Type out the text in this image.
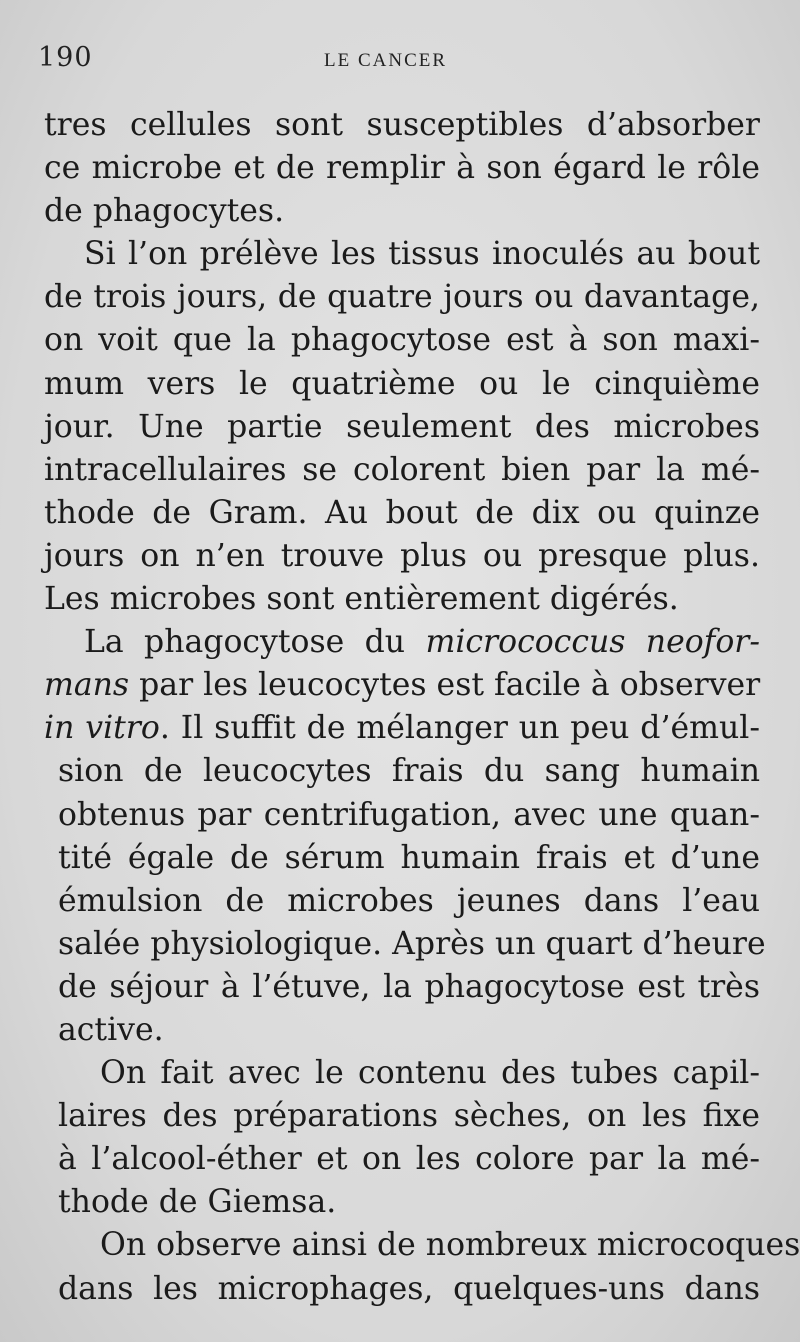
190	LE CANCER
tres cellules sont susceptibles d’absorber
ce microbe et de remplir à son égard le rôle
de phagocytes.
Si l’on prélève les tissus inoculés au bout
de trois jours, de quatre jours ou davantage,
on voit que la phagocytose est à son maxi-
mum vers le quatrième ou le cinquième
jour. Une partie seulement des microbes
intracellulaires se colorent bien par la mé-
thode de Gram. Au bout de dix ou quinze
jours on n’en trouve plus ou presque plus.
Les microbes sont entièrement digérés.
La phagocytose du micrococcus neofor-
mans par les leucocytes est facile à observer
in vitro. Il suffit de mélanger un peu d’émul-
sion de leucocytes frais du sang humain
obtenus par centrifugation, avec une quan-
tité égale de sérum humain frais et d’une
émulsion de microbes jeunes dans l’eau
salée physiologique. Après un quart d’heure
de séjour à l’étuve, la phagocytose est très
active.
On fait avec le contenu des tubes capil-
laires des préparations sèches, on les fixe
à l’alcool-éther et on les colore par la mé-
thode de Giemsa.
On observe ainsi de nombreux microcoques
dans les microphages, quelques-uns dans
